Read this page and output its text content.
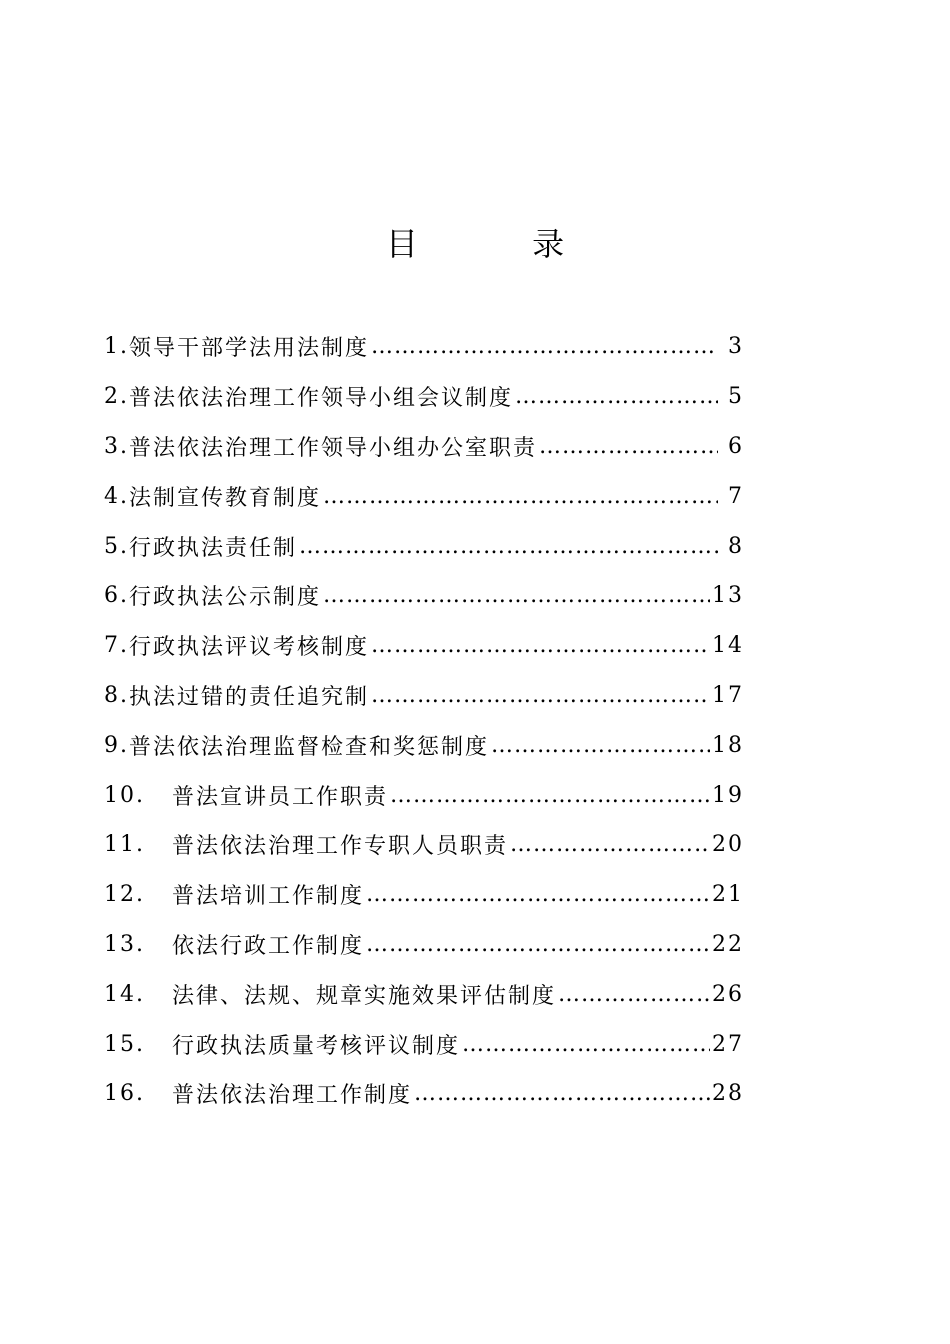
目 录
1. 领导干部学法用法制度 ……………………………………………………………………………………	3
2. 普法依法治理工作领导小组会议制度 ……………………………………………………………………………………	5
3. 普法依法治理工作领导小组办公室职责 ……………………………………………………………………………………	6
4. 法制宣传教育制度 ……………………………………………………………………………………	7
5. 行政执法责任制 ……………………………………………………………………………………	8
6. 行政执法公示制度 ……………………………………………………………………………………	13
7. 行政执法评议考核制度 ……………………………………………………………………………………	14
8. 执法过错的责任追究制 ……………………………………………………………………………………	17
9. 普法依法治理监督检查和奖惩制度 ……………………………………………………………………………………	18
10.	普法宣讲员工作职责 ……………………………………………………………………………………	19
11.	普法依法治理工作专职人员职责 ……………………………………………………………………………………	20
12.	普法培训工作制度 ……………………………………………………………………………………	21
13.	依法行政工作制度 ……………………………………………………………………………………	22
14.	法律、法规、规章实施效果评估制度 ……………………………………………………………………………………	26
15.	行政执法质量考核评议制度 ……………………………………………………………………………………	27
16.	普法依法治理工作制度 ……………………………………………………………………………………	28
